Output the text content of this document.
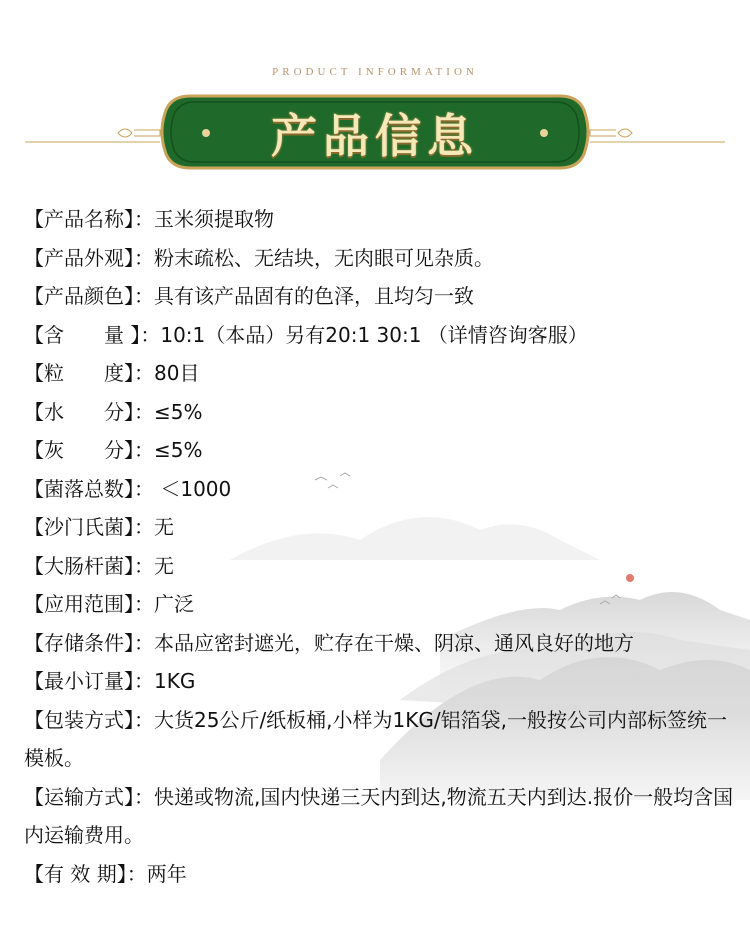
PRODUCT INFORMATION
产品信息
【产品名称】：玉米须提取物
【产品外观】：粉末疏松、无结块，无肉眼可见杂质。
【产品颜色】：具有该产品固有的色泽，且均匀一致
【含　　量 】：10:1（本品）另有20:1 30:1 （详情咨询客服）
【粒　　度】：80目
【水　　分】：≤5%
【灰　　分】：≤5%
【菌落总数】： ＜1000
【沙门氏菌】：无
【大肠杆菌】：无
【应用范围】：广泛
【存储条件】：本品应密封遮光，贮存在干燥、阴凉、通风良好的地方
【最小订量】：1KG
【包装方式】：大货25公斤/纸板桶,小样为1KG/铝箔袋,一般按公司内部标签统一模板。
【运输方式】：快递或物流,国内快递三天内到达,物流五天内到达.报价一般均含国内运输费用。
【有 效 期】：两年
